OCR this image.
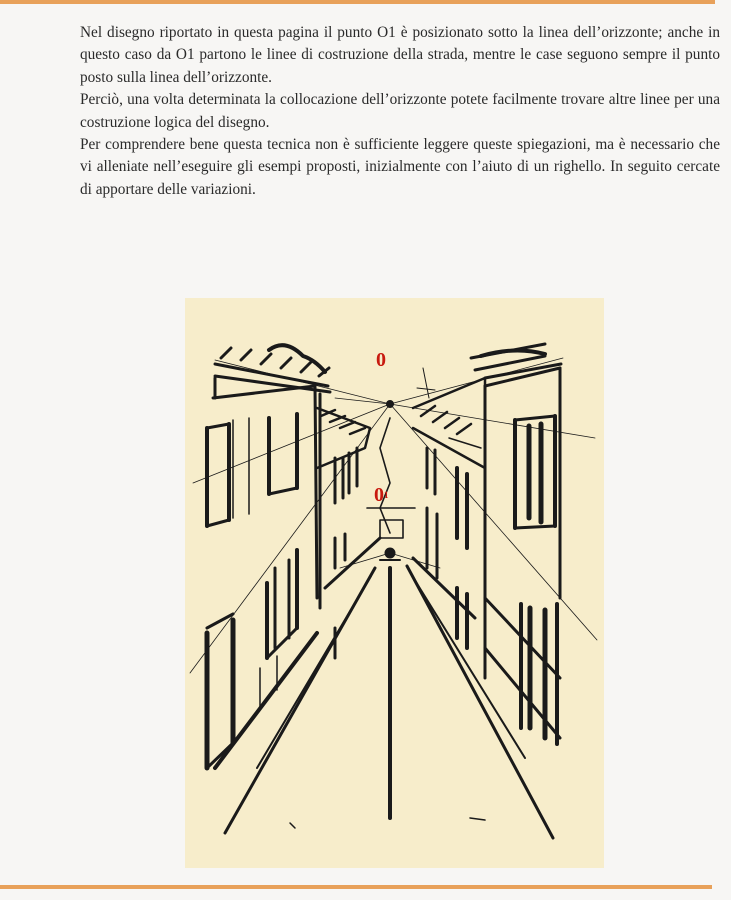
Nel disegno riportato in questa pagina il punto O1 è posizionato sotto la linea dell’orizzonte; anche in questo caso da O1 partono le linee di costruzione della strada, mentre le case seguono sempre il punto posto sulla linea dell’orizzonte.

Perciò, una volta determinata la collocazione dell’orizzonte potete facilmente trovare altre linee per una costruzione logica del disegno.

Per comprendere bene questa tecnica non è sufficiente leggere queste spiegazioni, ma è necessario che vi alleniate nell’eseguire gli esempi proposti, inizialmente con l’aiuto di un righello. In seguito cercate di apportare delle variazioni.

0
$0^1$
